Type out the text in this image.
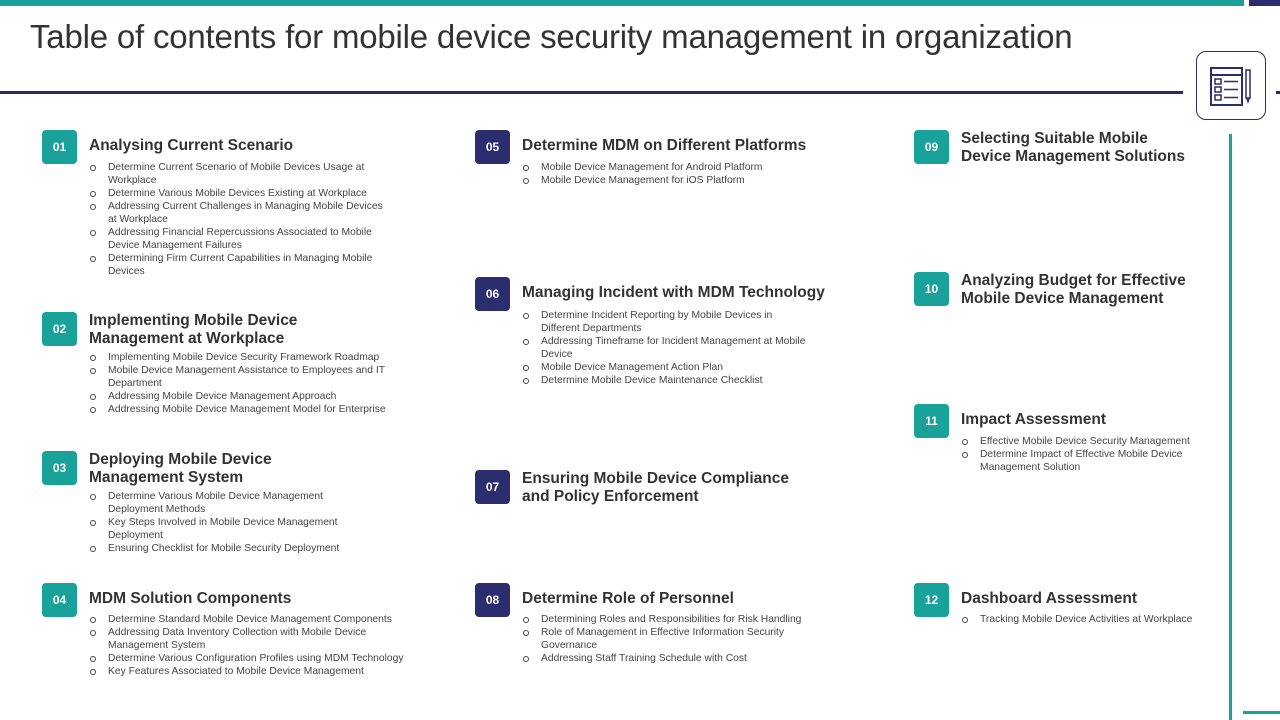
Table of contents for mobile device security management in organization
01	Analysing Current Scenario
Determine Current Scenario of Mobile Devices Usage at Workplace
Determine Various Mobile Devices Existing at Workplace
Addressing Current Challenges in Managing Mobile Devices at Workplace
Addressing Financial Repercussions Associated to Mobile Device Management Failures
Determining Firm Current Capabilities in Managing Mobile Devices
02	Implementing Mobile Device Management at Workplace
Implementing Mobile Device Security Framework Roadmap
Mobile Device Management Assistance to Employees and IT Department
Addressing Mobile Device Management Approach
Addressing Mobile Device Management Model for Enterprise
03	Deploying Mobile Device Management System
Determine Various Mobile Device Management Deployment Methods
Key Steps Involved in Mobile Device Management Deployment
Ensuring Checklist for Mobile Security Deployment
04	MDM Solution Components
Determine Standard Mobile Device Management Components
Addressing Data Inventory Collection with Mobile Device Management System
Determine Various Configuration Profiles using MDM Technology
Key Features Associated to Mobile Device Management
05	Determine MDM on Different Platforms
Mobile Device Management for Android Platform
Mobile Device Management for iOS Platform
06	Managing Incident with MDM Technology
Determine Incident Reporting by Mobile Devices in Different Departments
Addressing Timeframe for Incident Management at Mobile Device
Mobile Device Management Action Plan
Determine Mobile Device Maintenance Checklist
07	Ensuring Mobile Device Compliance and Policy Enforcement
08	Determine Role of Personnel
Determining Roles and Responsibilities for Risk Handling
Role of Management in Effective Information Security Governance
Addressing Staff Training Schedule with Cost
09	Selecting Suitable Mobile Device Management Solutions
10	Analyzing Budget for Effective Mobile Device Management
11	Impact Assessment
Effective Mobile Device Security Management
Determine Impact of Effective Mobile Device Management Solution
12	Dashboard Assessment
Tracking Mobile Device Activities at Workplace
